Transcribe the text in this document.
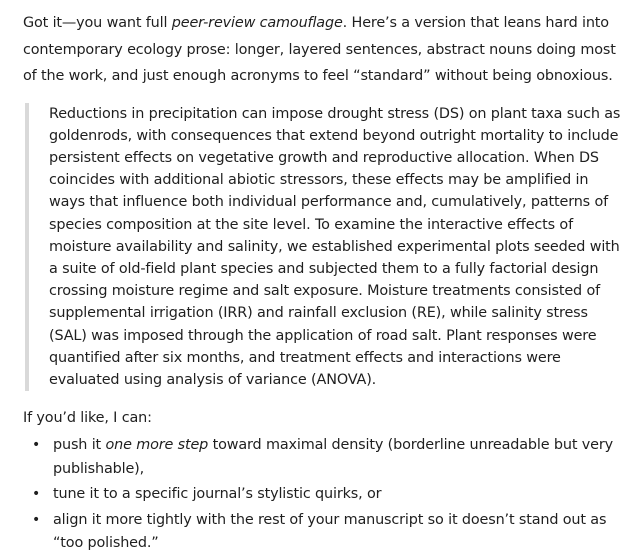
Got it—you want full peer-review camouflage. Here’s a version that leans hard into contemporary ecology prose: longer, layered sentences, abstract nouns doing most of the work, and just enough acronyms to feel “standard” without being obnoxious.

Reductions in precipitation can impose drought stress (DS) on plant taxa such as goldenrods, with consequences that extend beyond outright mortality to include persistent effects on vegetative growth and reproductive allocation. When DS coincides with additional abiotic stressors, these effects may be amplified in ways that influence both individual performance and, cumulatively, patterns of species composition at the site level. To examine the interactive effects of moisture availability and salinity, we established experimental plots seeded with a suite of old-field plant species and subjected them to a fully factorial design crossing moisture regime and salt exposure. Moisture treatments consisted of supplemental irrigation (IRR) and rainfall exclusion (RE), while salinity stress (SAL) was imposed through the application of road salt. Plant responses were quantified after six months, and treatment effects and interactions were evaluated using analysis of variance (ANOVA).

If you’d like, I can:

• push it one more step toward maximal density (borderline unreadable but very publishable),
• tune it to a specific journal’s stylistic quirks, or
• align it more tightly with the rest of your manuscript so it doesn’t stand out as “too polished.”
